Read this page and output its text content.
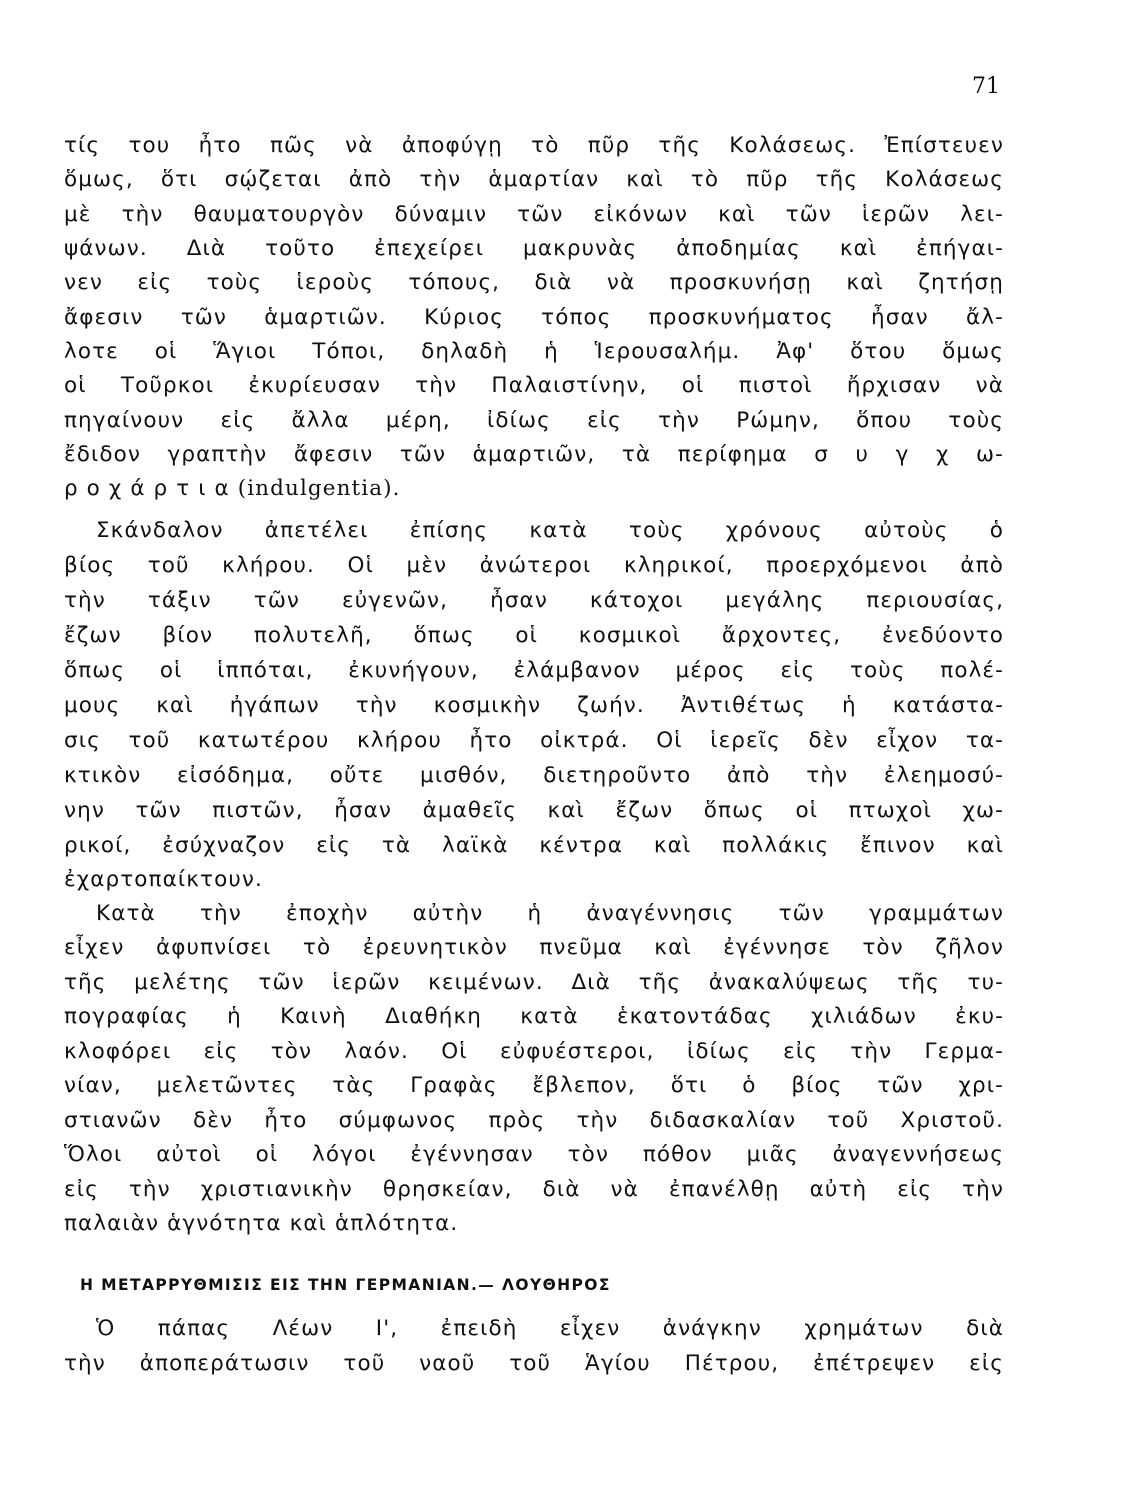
71
τίς του ἦτο πῶς νὰ ἀποφύγῃ τὸ πῦρ τῆς Κολάσεως. Ἐπίστευεν
ὅμως, ὅτι σῴζεται ἀπὸ τὴν ἁμαρτίαν καὶ τὸ πῦρ τῆς Κολάσεως
μὲ τὴν θαυματουργὸν δύναμιν τῶν εἰκόνων καὶ τῶν ἱερῶν λει-
ψάνων. Διὰ τοῦτο ἐπεχείρει μακρυνὰς ἀποδημίας καὶ ἐπήγαι-
νεν εἰς τοὺς ἱεροὺς τόπους, διὰ νὰ προσκυνήσῃ καὶ ζητήσῃ
ἄφεσιν τῶν ἁμαρτιῶν. Κύριος τόπος προσκυνήματος ἦσαν ἄλ-
λοτε οἱ Ἅγιοι Τόποι, δηλαδὴ ἡ Ἱερουσαλήμ. Ἀφ' ὅτου ὅμως
οἱ Τοῦρκοι ἐκυρίευσαν τὴν Παλαιστίνην, οἱ πιστοὶ ἤρχισαν νὰ
πηγαίνουν εἰς ἄλλα μέρη, ἰδίως εἰς τὴν Ρώμην, ὅπου τοὺς
ἔδιδον γραπτὴν ἄφεσιν τῶν ἁμαρτιῶν, τὰ περίφημα σ υ γ χ ω-
ρ ο χ ά ρ τ ι α (indulgentia).
Σκάνδαλον ἀπετέλει ἐπίσης κατὰ τοὺς χρόνους αὐτοὺς ὁ
βίος τοῦ κλήρου. Οἱ μὲν ἀνώτεροι κληρικοί, προερχόμενοι ἀπὸ
τὴν τάξιν τῶν εὐγενῶν, ἦσαν κάτοχοι μεγάλης περιουσίας,
ἔζων βίον πολυτελῆ, ὅπως οἱ κοσμικοὶ ἄρχοντες, ἐνεδύοντο
ὅπως οἱ ἱππόται, ἐκυνήγουν, ἐλάμβανον μέρος εἰς τοὺς πολέ-
μους καὶ ἠγάπων τὴν κοσμικὴν ζωήν. Ἀντιθέτως ἡ κατάστα-
σις τοῦ κατωτέρου κλήρου ἦτο οἰκτρά. Οἱ ἱερεῖς δὲν εἶχον τα-
κτικὸν εἰσόδημα, οὔτε μισθόν, διετηροῦντο ἀπὸ τὴν ἐλεημοσύ-
νην τῶν πιστῶν, ἦσαν ἀμαθεῖς καὶ ἔζων ὅπως οἱ πτωχοὶ χω-
ρικοί, ἐσύχναζον εἰς τὰ λαϊκὰ κέντρα καὶ πολλάκις ἔπινον καὶ
ἐχαρτοπαίκτουν.
Κατὰ τὴν ἐποχὴν αὐτὴν ἡ ἀναγέννησις τῶν γραμμάτων
εἶχεν ἀφυπνίσει τὸ ἐρευνητικὸν πνεῦμα καὶ ἐγέννησε τὸν ζῆλον
τῆς μελέτης τῶν ἱερῶν κειμένων. Διὰ τῆς ἀνακαλύψεως τῆς τυ-
πογραφίας ἡ Καινὴ Διαθήκη κατὰ ἑκατοντάδας χιλιάδων ἐκυ-
κλοφόρει εἰς τὸν λαόν. Οἱ εὐφυέστεροι, ἰδίως εἰς τὴν Γερμα-
νίαν, μελετῶντες τὰς Γραφὰς ἔβλεπον, ὅτι ὁ βίος τῶν χρι-
στιανῶν δὲν ἦτο σύμφωνος πρὸς τὴν διδασκαλίαν τοῦ Χριστοῦ.
Ὅλοι αὐτοὶ οἱ λόγοι ἐγέννησαν τὸν πόθον μιᾶς ἀναγεννήσεως
εἰς τὴν χριστιανικὴν θρησκείαν, διὰ νὰ ἐπανέλθῃ αὐτὴ εἰς τὴν
παλαιὰν ἁγνότητα καὶ ἁπλότητα.
Η ΜΕΤΑΡΡΥΘΜΙΣΙΣ ΕΙΣ ΤΗΝ ΓΕΡΜΑΝΙΑΝ.— ΛΟΥΘΗΡΟΣ
Ὁ πάπας Λέων Ι', ἐπειδὴ εἶχεν ἀνάγκην χρημάτων διὰ
τὴν ἀποπεράτωσιν τοῦ ναοῦ τοῦ Ἁγίου Πέτρου, ἐπέτρεψεν εἰς
